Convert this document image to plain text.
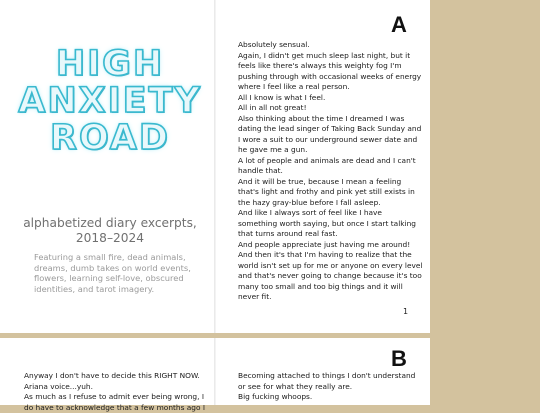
A
HIGH
ANXIETY
ROAD
alphabetized diary excerpts,
2018–2024
Featuring a small fire, dead animals,
dreams, dumb takes on world events,
flowers, learning self-love, obscured
identities, and tarot imagery.
Absolutely sensual.
Again, I didn't get much sleep last night, but it
feels like there's always this weighty fog I'm
pushing through with occasional weeks of energy
where I feel like a real person.
All I know is what I feel.
All in all not great!
Also thinking about the time I dreamed I was
dating the lead singer of Taking Back Sunday and
I wore a suit to our underground sewer date and
he gave me a gun.
A lot of people and animals are dead and I can't
handle that.
And it will be true, because I mean a feeling
that's light and frothy and pink yet still exists in
the hazy gray-blue before I fall asleep.
And like I always sort of feel like I have
something worth saying, but once I start talking
that turns around real fast.
And people appreciate just having me around!
And then it's that I'm having to realize that the
world isn't set up for me or anyone on every level
and that's never going to change because it's too
many too small and too big things and it will
never fit.
1
B
Anyway I don't have to decide this RIGHT NOW.
Ariana voice...yuh.
As much as I refuse to admit ever being wrong, I
do have to acknowledge that a few months ago I
Becoming attached to things I don't understand
or see for what they really are.
Big fucking whoops.
